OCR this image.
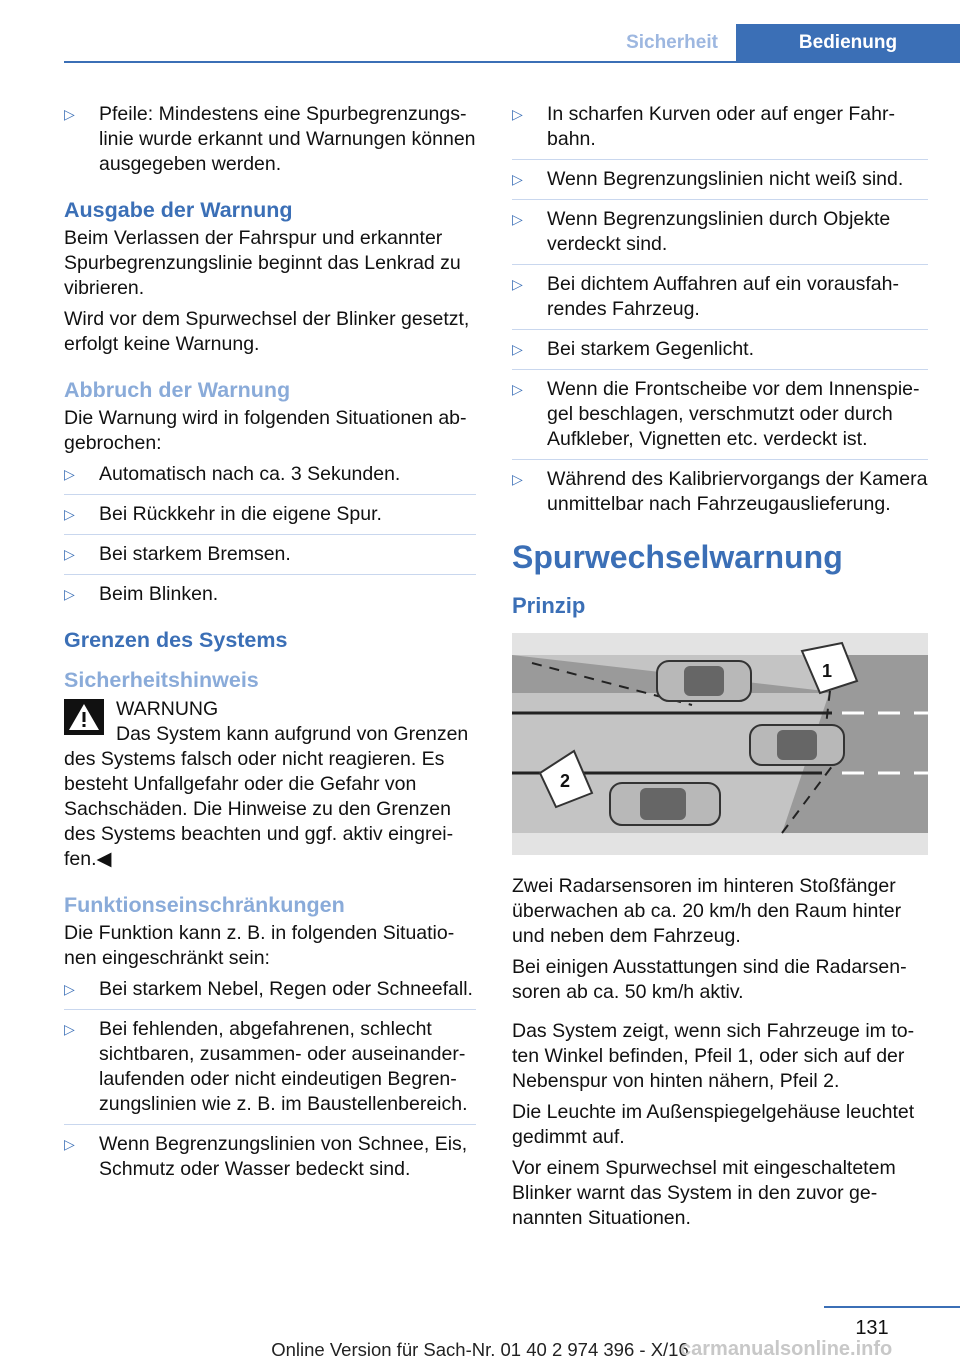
Sicherheit	Bedienung
▷ Pfeile: Mindestens eine Spurbegrenzungslinie wurde erkannt und Warnungen können ausgegeben werden.
Ausgabe der Warnung

Beim Verlassen der Fahrspur und erkannter Spurbegrenzungslinie beginnt das Lenkrad zu vibrieren.

Wird vor dem Spurwechsel der Blinker gesetzt, erfolgt keine Warnung.

Abbruch der Warnung

Die Warnung wird in folgenden Situationen abgebrochen:

▷ Automatisch nach ca. 3 Sekunden.
▷ Bei Rückkehr in die eigene Spur.
▷ Bei starkem Bremsen.
▷ Beim Blinken.
Grenzen des Systems
Sicherheitshinweis
WARNUNG
Das System kann aufgrund von Grenzen
des Systems falsch oder nicht reagieren. Es besteht Unfallgefahr oder die Gefahr von Sachschäden. Die Hinweise zu den Grenzen des Systems beachten und ggf. aktiv eingreifen.◀
Funktionseinschränkungen

Die Funktion kann z. B. in folgenden Situationen eingeschränkt sein:

▷ Bei starkem Nebel, Regen oder Schneefall.
▷ Bei fehlenden, abgefahrenen, schlecht sichtbaren, zusammen- oder auseinanderlaufenden oder nicht eindeutigen Begrenzungslinien wie z. B. im Baustellenbereich.
▷ Wenn Begrenzungslinien von Schnee, Eis, Schmutz oder Wasser bedeckt sind.
▷ In scharfen Kurven oder auf enger Fahrbahn.
▷ Wenn Begrenzungslinien nicht weiß sind.
▷ Wenn Begrenzungslinien durch Objekte verdeckt sind.
▷ Bei dichtem Auffahren auf ein vorausfahrendes Fahrzeug.
▷ Bei starkem Gegenlicht.
▷ Wenn die Frontscheibe vor dem Innenspiegel beschlagen, verschmutzt oder durch Aufkleber, Vignetten etc. verdeckt ist.
▷ Während des Kalibriervorgangs der Kamera unmittelbar nach Fahrzeugauslieferung.
Spurwechselwarnung
Prinzip
1
2

Zwei Radarsensoren im hinteren Stoßfänger überwachen ab ca. 20 km/h den Raum hinter und neben dem Fahrzeug.

Bei einigen Ausstattungen sind die Radarsensoren ab ca. 50 km/h aktiv.

Das System zeigt, wenn sich Fahrzeuge im toten Winkel befinden, Pfeil 1, oder sich auf der Nebenspur von hinten nähern, Pfeil 2.

Die Leuchte im Außenspiegelgehäuse leuchtet gedimmt auf.

Vor einem Spurwechsel mit eingeschaltetem Blinker warnt das System in den zuvor genannten Situationen.

131
Online Version für Sach-Nr. 01 40 2 974 396 - X/16
carmanualsonline.info
